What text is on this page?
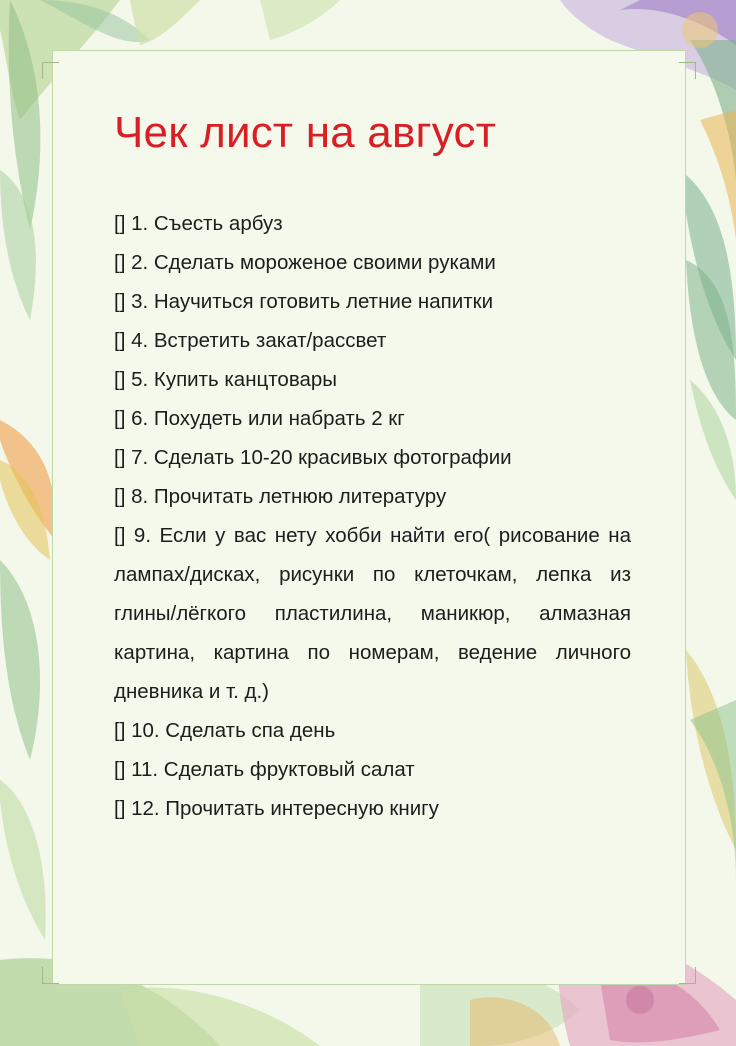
Чек лист на август
[] 1. Съесть арбуз
[] 2. Сделать мороженое своими руками
[] 3. Научиться готовить летние напитки
[] 4. Встретить закат/рассвет
[] 5. Купить канцтовары
[] 6. Похудеть или набрать 2 кг
[] 7. Сделать 10-20 красивых фотографии
[] 8. Прочитать летнюю литературу
[] 9. Если у вас нету хобби найти его( рисование на лампах/дисках, рисунки по клеточкам, лепка из глины/лёгкого пластилина, маникюр, алмазная картина, картина по номерам, ведение личного дневника и т. д.)
[] 10. Сделать спа день
[] 11. Сделать фруктовый салат
[] 12. Прочитать интересную книгу
